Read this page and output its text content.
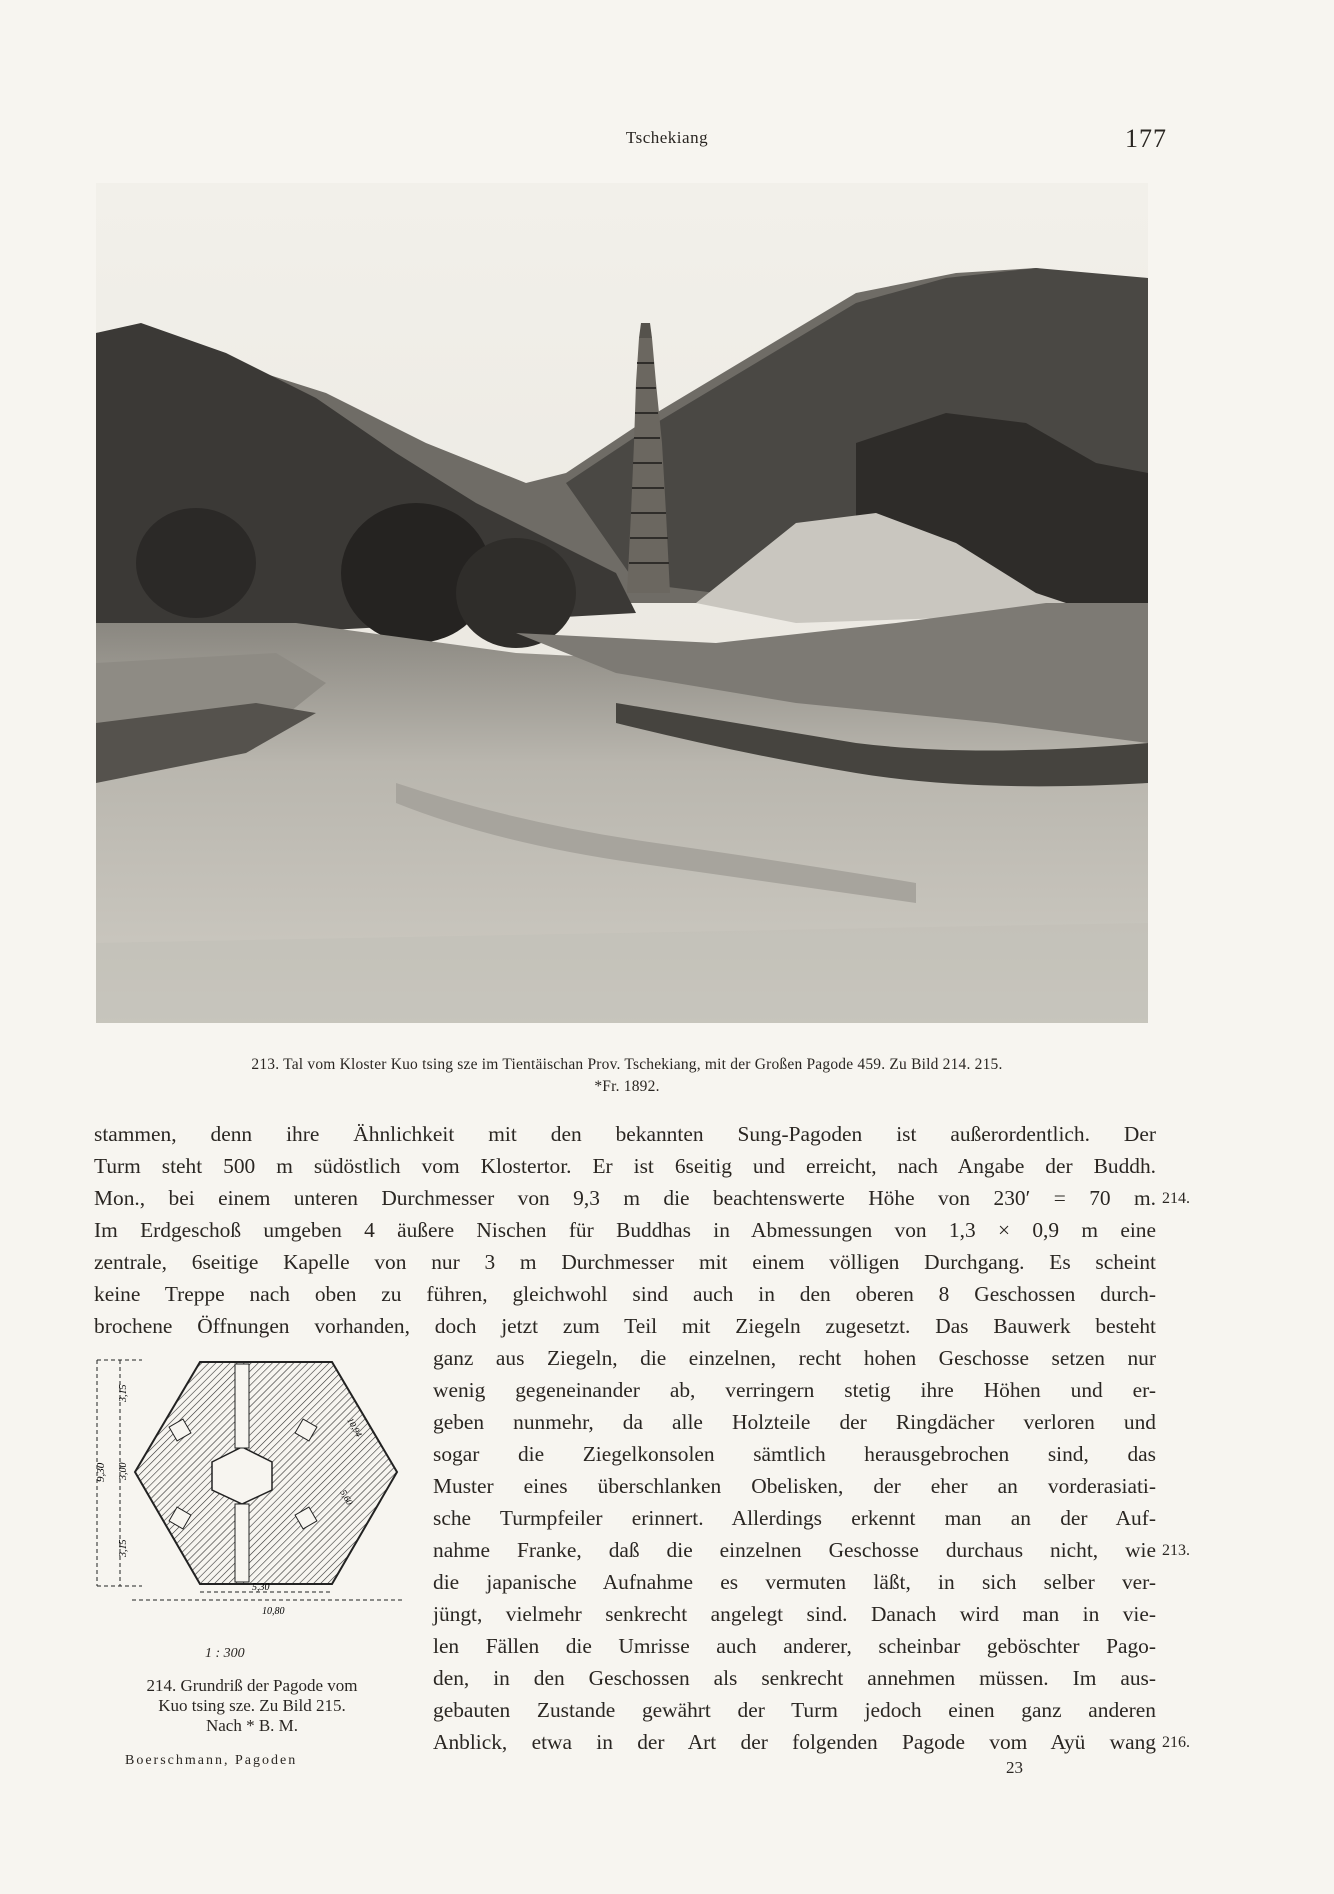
Tschekiang	177
213. Tal vom Kloster Kuo tsing sze im Tientäischan Prov. Tschekiang, mit der Großen Pagode 459. Zu Bild 214. 215.
*Fr. 1892.
stammen, denn ihre Ähnlichkeit mit den bekannten Sung-Pagoden ist außerordentlich. Der
Turm steht 500 m südöstlich vom Klostertor. Er ist 6seitig und erreicht, nach Angabe der Buddh.
Mon., bei einem unteren Durchmesser von 9,3 m die beachtenswerte Höhe von 230′ = 70 m.
Im Erdgeschoß umgeben 4 äußere Nischen für Buddhas in Abmessungen von 1,3 × 0,9 m eine
zentrale, 6seitige Kapelle von nur 3 m Durchmesser mit einem völligen Durchgang. Es scheint
keine Treppe nach oben zu führen, gleichwohl sind auch in den oberen 8 Geschossen durch-
brochene Öffnungen vorhanden, doch jetzt zum Teil mit Ziegeln zugesetzt. Das Bauwerk besteht
ganz aus Ziegeln, die einzelnen, recht hohen Geschosse setzen nur
wenig gegeneinander ab, verringern stetig ihre Höhen und er-
geben nunmehr, da alle Holzteile der Ringdächer verloren und
sogar die Ziegelkonsolen sämtlich herausgebrochen sind, das
Muster eines überschlanken Obelisken, der eher an vorderasiati-
sche Turmpfeiler erinnert. Allerdings erkennt man an der Auf-
nahme Franke, daß die einzelnen Geschosse durchaus nicht, wie
die japanische Aufnahme es vermuten läßt, in sich selber ver-
jüngt, vielmehr senkrecht angelegt sind. Danach wird man in vie-
len Fällen die Umrisse auch anderer, scheinbar geböschter Pago-
den, in den Geschossen als senkrecht annehmen müssen. Im aus-
gebauten Zustande gewährt der Turm jedoch einen ganz anderen
Anblick, etwa in der Art der folgenden Pagode vom Ayü wang
214.
213.
216.
9,30
3,15
3,00
3,15
5,30
10,80
10,94
5,60
1 : 300
214. Grundriß der Pagode vom
Kuo tsing sze. Zu Bild 215.
Nach * B. M.
Boerschmann, Pagoden	23
